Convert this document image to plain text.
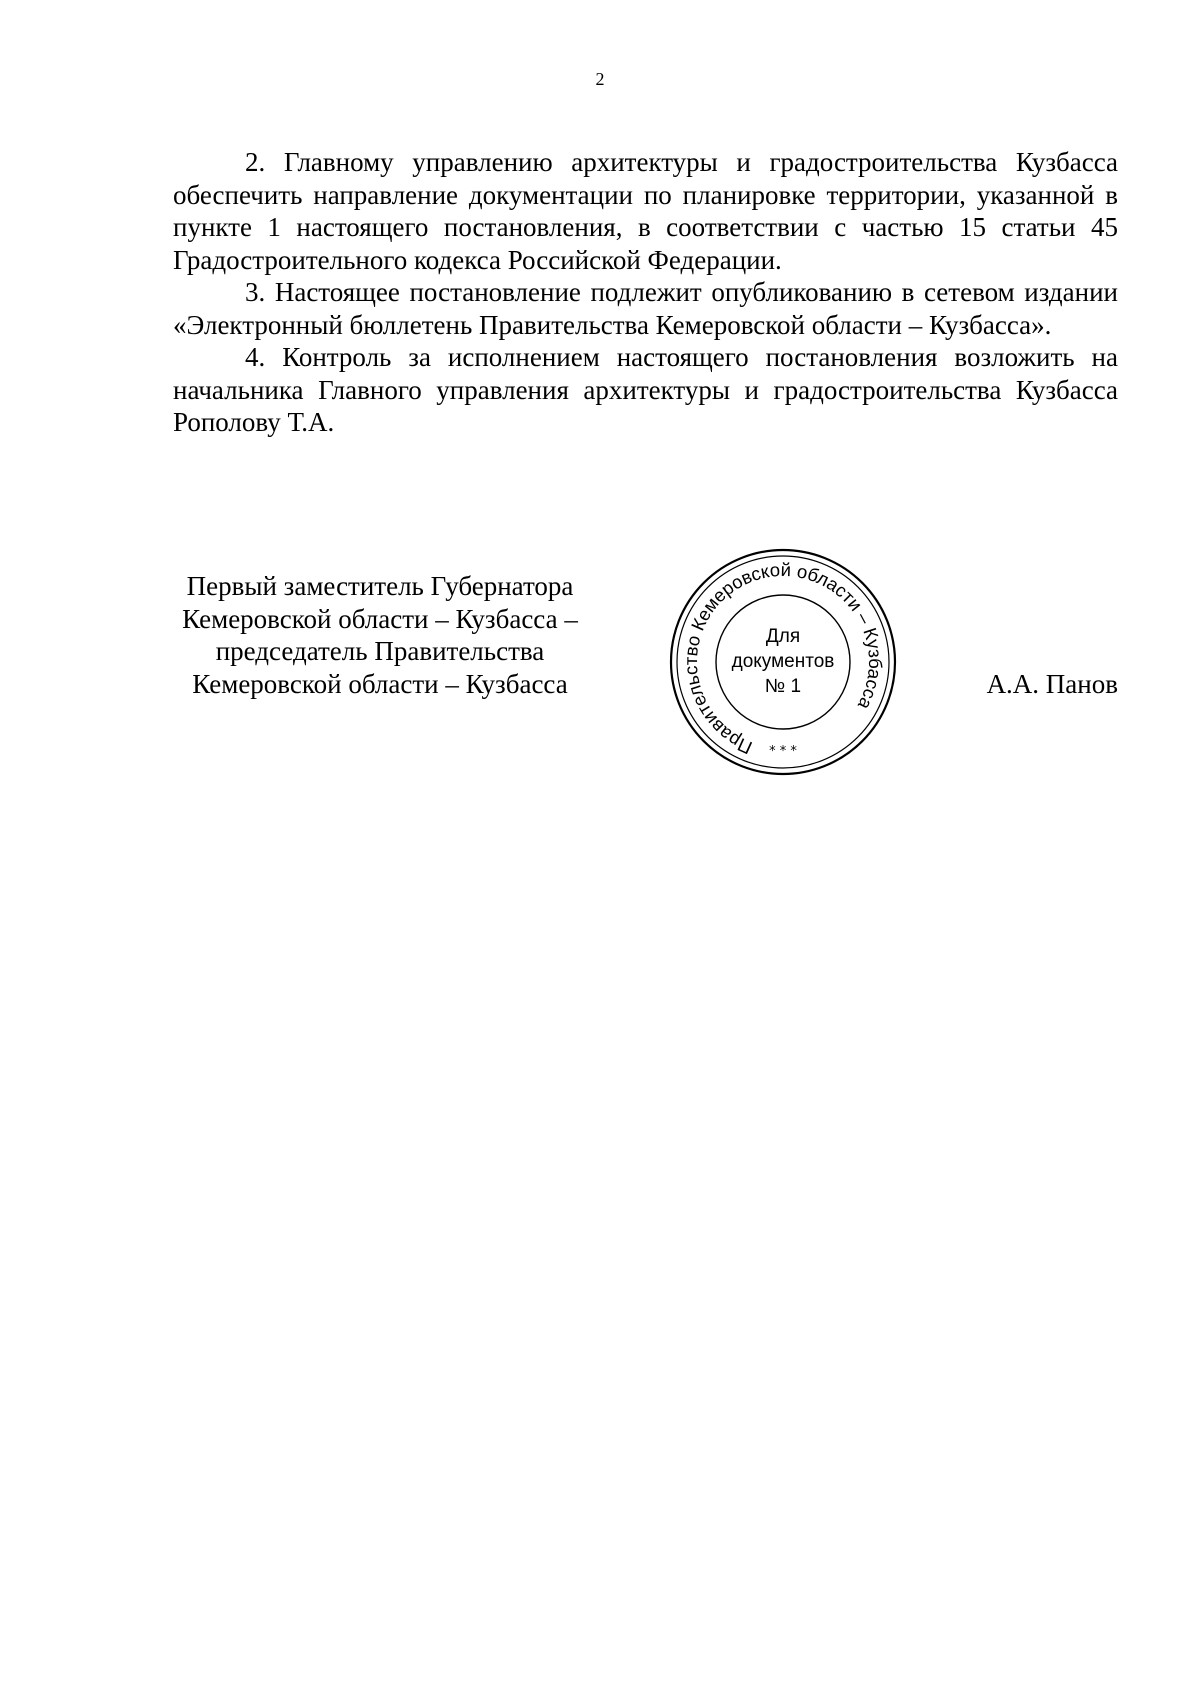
2

2. Главному управлению архитектуры и градостроительства Кузбасса обеспечить направление документации по планировке территории, указанной в пункте 1 настоящего постановления, в соответствии с частью 15 статьи 45 Градостроительного кодекса Российской Федерации.

3. Настоящее постановление подлежит опубликованию в сетевом издании «Электронный бюллетень Правительства Кемеровской области – Кузбасса».

4. Контроль за исполнением настоящего постановления возложить на начальника Главного управления архитектуры и градостроительства Кузбасса Рополову Т.А.

Первый заместитель Губернатора
Кемеровской области – Кузбасса –
председатель Правительства
Кемеровской области – Кузбасса
Правительство Кемеровской области – Кузбасса
Для
документов
№ 1
* * *
А.А. Панов
